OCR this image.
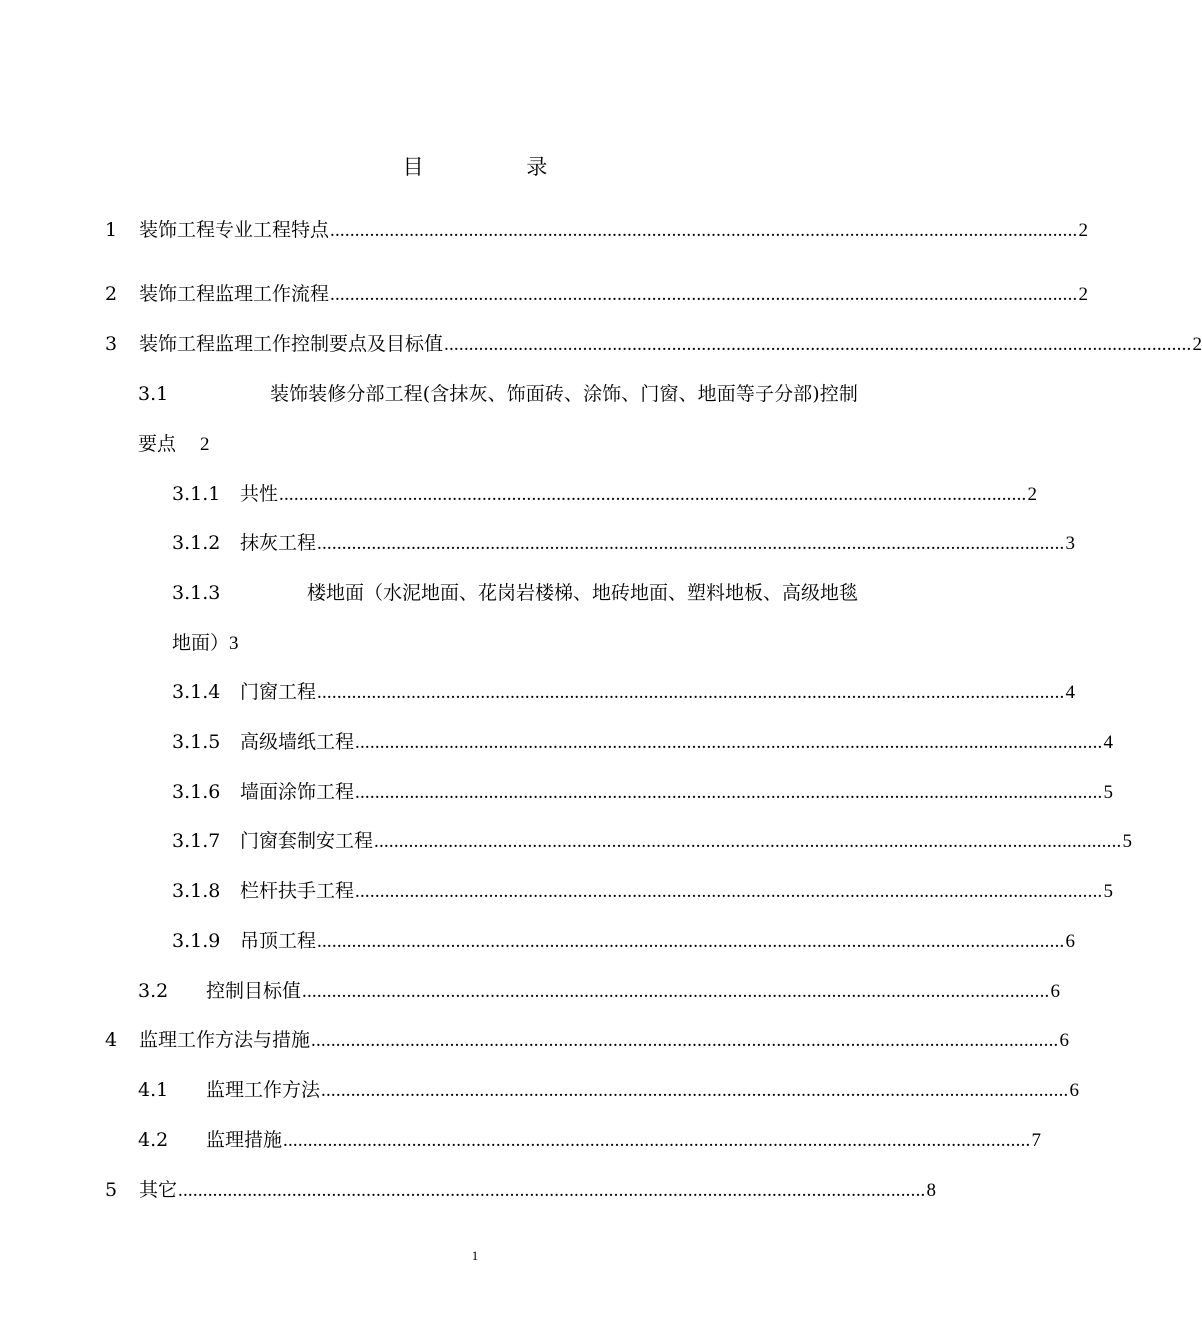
目 录
1	装饰工程专业工程特点 ....................................................................................................................................................... 2
2	装饰工程监理工作流程 ....................................................................................................................................................... 2
3	装饰工程监理工作控制要点及目标值 ....................................................................................................................................................... 2
3.1	装饰装修分部工程(含抹灰、饰面砖、涂饰、门窗、地面等子分部)控制
要点 2
3.1.1	共性 ....................................................................................................................................................... 2
3.1.2	抹灰工程 ....................................................................................................................................................... 3
3.1.3	楼地面（水泥地面、花岗岩楼梯、地砖地面、塑料地板、高级地毯
地面） 3
3.1.4	门窗工程 ....................................................................................................................................................... 4
3.1.5	高级墙纸工程 ....................................................................................................................................................... 4
3.1.6	墙面涂饰工程 ....................................................................................................................................................... 5
3.1.7	门窗套制安工程 ....................................................................................................................................................... 5
3.1.8	栏杆扶手工程 ....................................................................................................................................................... 5
3.1.9	吊顶工程 ....................................................................................................................................................... 6
3.2	控制目标值 ....................................................................................................................................................... 6
4	监理工作方法与措施 ....................................................................................................................................................... 6
4.1	监理工作方法 ....................................................................................................................................................... 6
4.2	监理措施 ....................................................................................................................................................... 7
5	其它 ....................................................................................................................................................... 8
1
